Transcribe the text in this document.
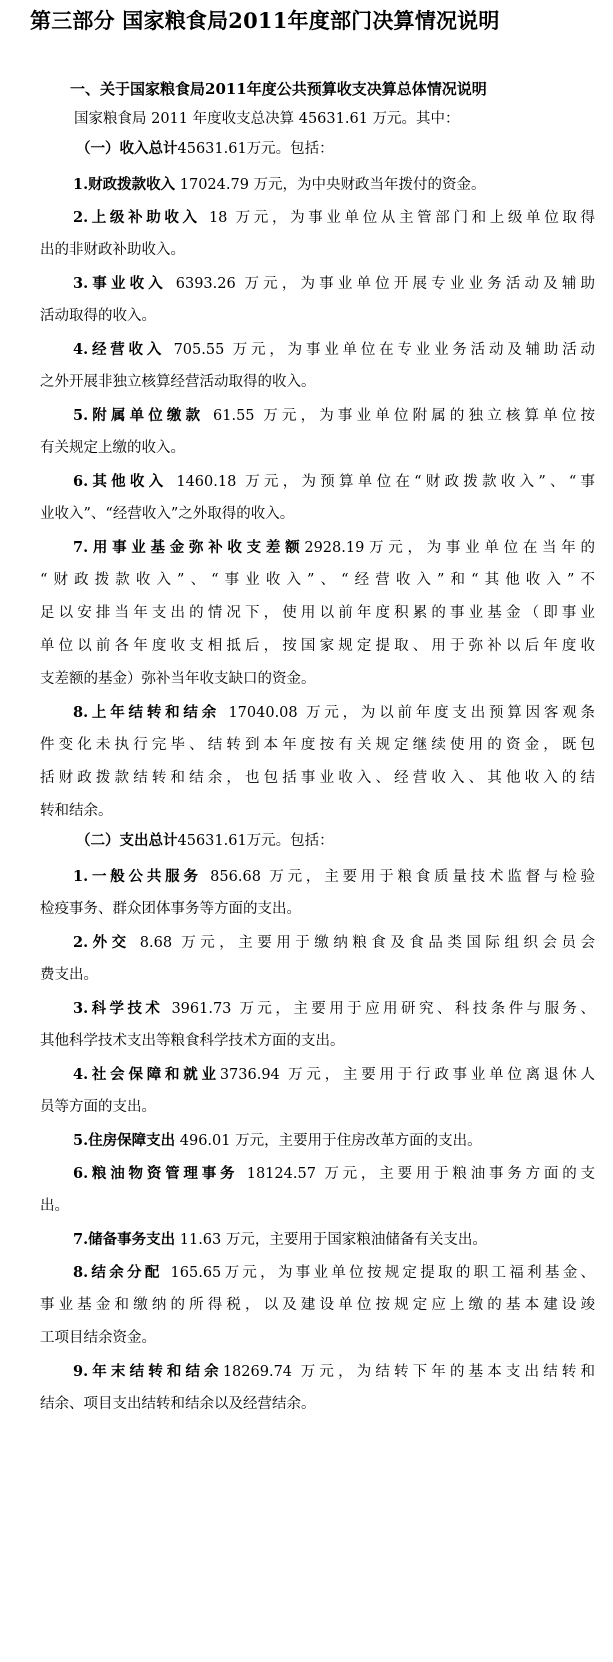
第三部分 国家粮食局2011年度部门决算情况说明
一、关于国家粮食局2011年度公共预算收支决算总体情况说明
国家粮食局 2011 年度收支总决算 45631.61 万元。其中：
（一）收入总计45631.61万元。包括：
1.财政拨款收入 17024.79 万元，为中央财政当年拨付的资金。
2.上级补助收入 18 万元，为事业单位从主管部门和上级单位取得
出的非财政补助收入。
3.事业收入 6393.26 万元，为事业单位开展专业业务活动及辅助
活动取得的收入。
4.经营收入 705.55 万元，为事业单位在专业业务活动及辅助活动
之外开展非独立核算经营活动取得的收入。
5.附属单位缴款 61.55 万元，为事业单位附属的独立核算单位按
有关规定上缴的收入。
6.其他收入 1460.18 万元，为预算单位在“财政拨款收入”、“事
业收入”、“经营收入”之外取得的收入。
7.用事业基金弥补收支差额2928.19万元，为事业单位在当年的
“财政拨款收入”、“事业收入”、“经营收入”和“其他收入”不
足以安排当年支出的情况下，使用以前年度积累的事业基金（即事业
单位以前各年度收支相抵后，按国家规定提取、用于弥补以后年度收
支差额的基金）弥补当年收支缺口的资金。
8.上年结转和结余 17040.08 万元，为以前年度支出预算因客观条
件变化未执行完毕、结转到本年度按有关规定继续使用的资金，既包
括财政拨款结转和结余，也包括事业收入、经营收入、其他收入的结
转和结余。
（二）支出总计45631.61万元。包括：
1.一般公共服务 856.68 万元，主要用于粮食质量技术监督与检验
检疫事务、群众团体事务等方面的支出。
2.外交 8.68 万元，主要用于缴纳粮食及食品类国际组织会员会
费支出。
3.科学技术 3961.73 万元，主要用于应用研究、科技条件与服务、
其他科学技术支出等粮食科学技术方面的支出。
4.社会保障和就业3736.94 万元，主要用于行政事业单位离退休人
员等方面的支出。
5.住房保障支出 496.01 万元，主要用于住房改革方面的支出。
6.粮油物资管理事务 18124.57 万元，主要用于粮油事务方面的支
出。
7.储备事务支出 11.63 万元，主要用于国家粮油储备有关支出。
8.结余分配 165.65万元，为事业单位按规定提取的职工福利基金、
事业基金和缴纳的所得税，以及建设单位按规定应上缴的基本建设竣
工项目结余资金。
9.年末结转和结余18269.74 万元，为结转下年的基本支出结转和
结余、项目支出结转和结余以及经营结余。
